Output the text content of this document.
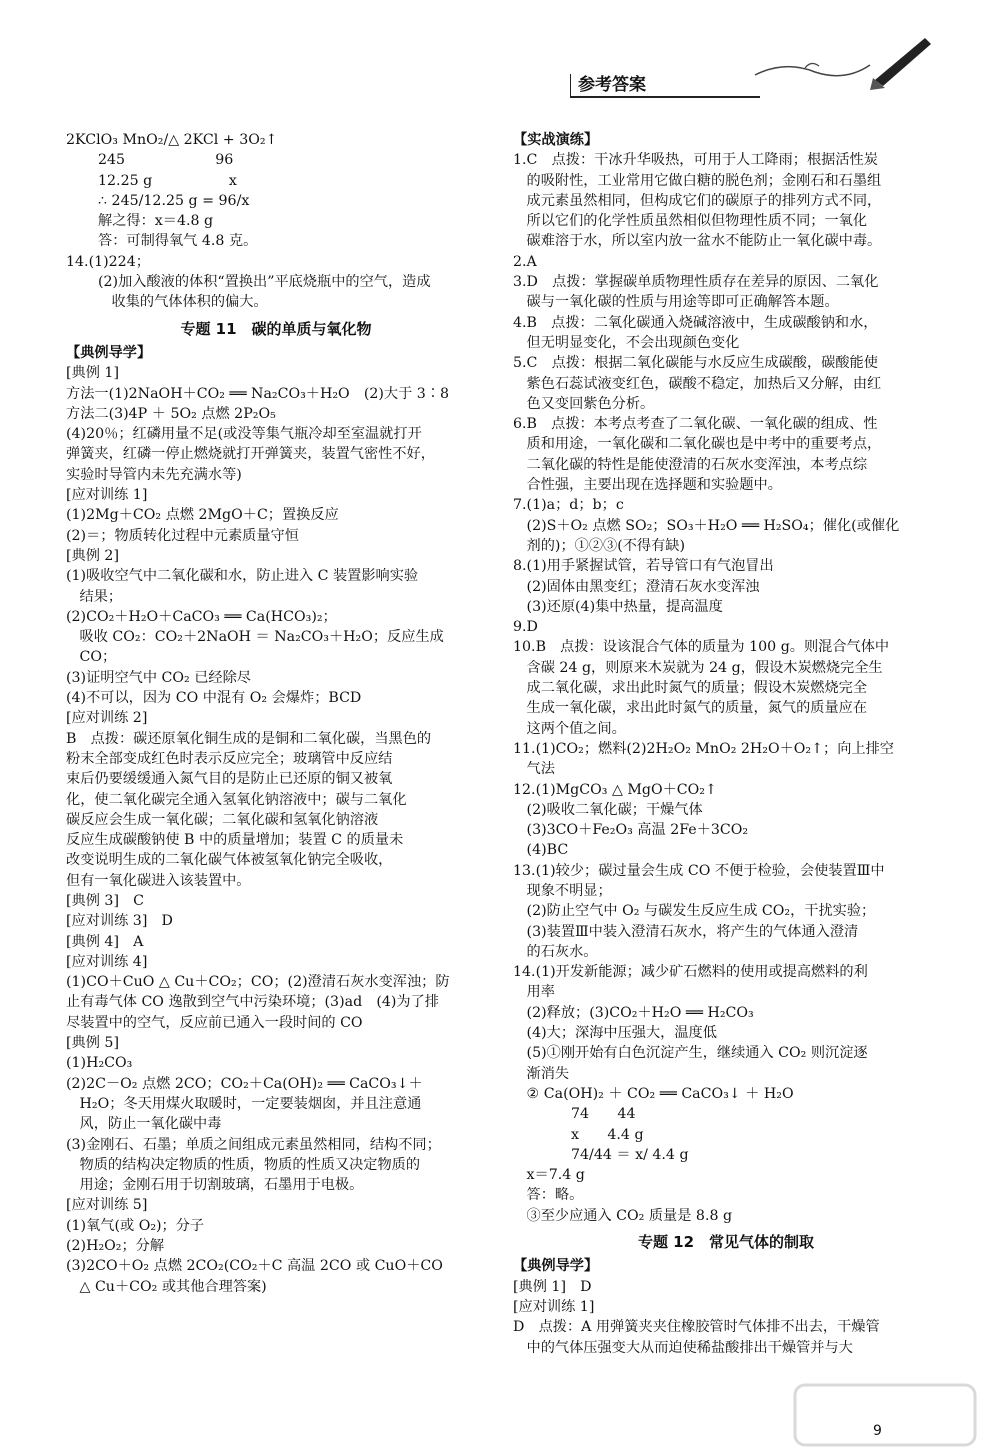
参考答案

2KClO₃ MnO₂/△ 2KCl + 3O₂↑

245                    96

12.25 g                 x

∴ 245/12.25 g = 96/x

解之得：x＝4.8 g

答：可制得氧气 4.8 克。

14.(1)224；

(2)加入酸液的体积“置换出”平底烧瓶中的空气，造成

收集的气体体积的偏大。

专题 11　碳的单质与氧化物

【典例导学】

[典例 1]

方法一(1)2NaOH＋CO₂ ══ Na₂CO₃＋H₂O　(2)大于 3∶8

方法二(3)4P ＋ 5O₂ 点燃 2P₂O₅

(4)20％；红磷用量不足(或没等集气瓶冷却至室温就打开

弹簧夹，红磷一停止燃烧就打开弹簧夹，装置气密性不好，

实验时导管内未先充满水等)

[应对训练 1]

(1)2Mg＋CO₂ 点燃 2MgO＋C；置换反应

(2)＝；物质转化过程中元素质量守恒

[典例 2]

(1)吸收空气中二氧化碳和水，防止进入 C 装置影响实验

结果；

(2)CO₂＋H₂O＋CaCO₃ ══ Ca(HCO₃)₂；

吸收 CO₂：CO₂＋2NaOH ＝ Na₂CO₃＋H₂O；反应生成

CO；

(3)证明空气中 CO₂ 已经除尽

(4)不可以，因为 CO 中混有 O₂ 会爆炸；BCD

[应对训练 2]

B　点拨：碳还原氧化铜生成的是铜和二氧化碳，当黑色的

粉末全部变成红色时表示反应完全；玻璃管中反应结

束后仍要缓缓通入氮气目的是防止已还原的铜又被氧

化，使二氧化碳完全通入氢氧化钠溶液中；碳与二氧化

碳反应会生成一氧化碳；二氧化碳和氢氧化钠溶液

反应生成碳酸钠使 B 中的质量增加；装置 C 的质量未

改变说明生成的二氧化碳气体被氢氧化钠完全吸收，

但有一氧化碳进入该装置中。

[典例 3]　C

[应对训练 3]　D

[典例 4]　A

[应对训练 4]

(1)CO＋CuO △ Cu＋CO₂；CO；(2)澄清石灰水变浑浊；防

止有毒气体 CO 逸散到空气中污染环境；(3)ad　(4)为了排

尽装置中的空气，反应前已通入一段时间的 CO

[典例 5]

(1)H₂CO₃

(2)2C－O₂ 点燃 2CO；CO₂＋Ca(OH)₂ ══ CaCO₃↓＋

H₂O；冬天用煤火取暖时，一定要装烟囱，并且注意通

风，防止一氧化碳中毒

(3)金刚石、石墨；单质之间组成元素虽然相同，结构不同；

物质的结构决定物质的性质，物质的性质又决定物质的

用途；金刚石用于切割玻璃，石墨用于电极。

[应对训练 5]

(1)氧气(或 O₂)；分子

(2)H₂O₂；分解

(3)2CO＋O₂ 点燃 2CO₂(CO₂＋C 高温 2CO 或 CuO＋CO

△ Cu＋CO₂ 或其他合理答案)

【实战演练】

1.C　点拨：干冰升华吸热，可用于人工降雨；根据活性炭

的吸附性，工业常用它做白糖的脱色剂；金刚石和石墨组

成元素虽然相同，但构成它们的碳原子的排列方式不同，

所以它们的化学性质虽然相似但物理性质不同；一氧化

碳难溶于水，所以室内放一盆水不能防止一氧化碳中毒。

2.A

3.D　点拨：掌握碳单质物理性质存在差异的原因、二氧化

碳与一氧化碳的性质与用途等即可正确解答本题。

4.B　点拨：二氧化碳通入烧碱溶液中，生成碳酸钠和水，

但无明显变化，不会出现颜色变化

5.C　点拨：根据二氧化碳能与水反应生成碳酸，碳酸能使

紫色石蕊试液变红色，碳酸不稳定，加热后又分解，由红

色又变回紫色分析。

6.B　点拨：本考点考查了二氧化碳、一氧化碳的组成、性

质和用途，一氧化碳和二氧化碳也是中考中的重要考点，

二氧化碳的特性是能使澄清的石灰水变浑浊，本考点综

合性强，主要出现在选择题和实验题中。

7.(1)a；d；b；c

(2)S＋O₂ 点燃 SO₂；SO₃＋H₂O ══ H₂SO₄；催化(或催化

剂的)；①②③(不得有缺)

8.(1)用手紧握试管，若导管口有气泡冒出

(2)固体由黑变红；澄清石灰水变浑浊

(3)还原(4)集中热量，提高温度

9.D

10.B　点拨：设该混合气体的质量为 100 g。则混合气体中

含碳 24 g，则原来木炭就为 24 g，假设木炭燃烧完全生

成二氧化碳，求出此时氮气的质量；假设木炭燃烧完全

生成一氧化碳，求出此时氮气的质量，氮气的质量应在

这两个值之间。

11.(1)CO₂；燃料(2)2H₂O₂ MnO₂ 2H₂O＋O₂↑；向上排空

气法

12.(1)MgCO₃ △ MgO＋CO₂↑

(2)吸收二氧化碳；干燥气体

(3)3CO＋Fe₂O₃ 高温 2Fe＋3CO₂

(4)BC

13.(1)较少；碳过量会生成 CO 不便于检验，会使装置Ⅲ中

现象不明显；

(2)防止空气中 O₂ 与碳发生反应生成 CO₂，干扰实验；

(3)装置Ⅲ中装入澄清石灰水，将产生的气体通入澄清

的石灰水。

14.(1)开发新能源；减少矿石燃料的使用或提高燃料的利

用率

(2)释放；(3)CO₂＋H₂O ══ H₂CO₃

(4)大；深海中压强大，温度低

(5)①刚开始有白色沉淀产生，继续通入 CO₂ 则沉淀逐

渐消失

② Ca(OH)₂ ＋ CO₂ ══ CaCO₃↓ ＋ H₂O

74　　44

x　　4.4 g

74/44 ＝ x/ 4.4 g

x＝7.4 g

答：略。

③至少应通入 CO₂ 质量是 8.8 g

专题 12　常见气体的制取

【典例导学】

[典例 1]　D

[应对训练 1]

D　点拨：A 用弹簧夹夹住橡胶管时气体排不出去，干燥管

中的气体压强变大从而迫使稀盐酸排出干燥管并与大

9
